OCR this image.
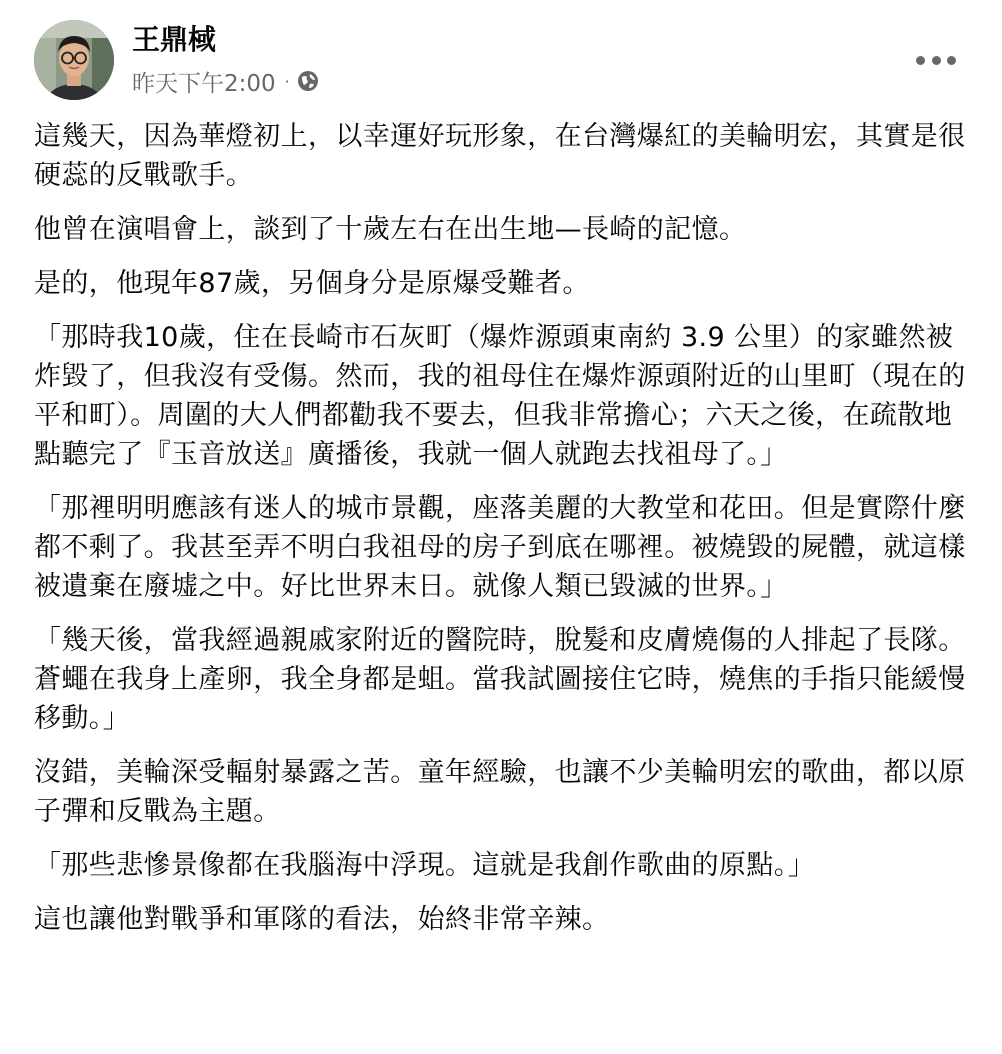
王鼎棫
昨天下午2:00 ·

這幾天，因為華燈初上，以幸運好玩形象，在台灣爆紅的美輪明宏，其實是很硬蕊的反戰歌手。

他曾在演唱會上，談到了十歲左右在出生地—長崎的記憶。

是的，他現年87歲，另個身分是原爆受難者。

「那時我10歲，住在長崎市石灰町（爆炸源頭東南約 3.9 公里）的家雖然被炸毀了，但我沒有受傷。然而，我的祖母住在爆炸源頭附近的山里町（現在的平和町）。周圍的大人們都勸我不要去，但我非常擔心；六天之後，在疏散地點聽完了『玉音放送』廣播後，我就一個人就跑去找祖母了。」

「那裡明明應該有迷人的城市景觀，座落美麗的大教堂和花田。但是實際什麼都不剩了。我甚至弄不明白我祖母的房子到底在哪裡。被燒毀的屍體，就這樣被遺棄在廢墟之中。好比世界末日。就像人類已毀滅的世界。」

「幾天後，當我經過親戚家附近的醫院時，脫髮和皮膚燒傷的人排起了長隊。蒼蠅在我身上產卵，我全身都是蛆。當我試圖接住它時，燒焦的手指只能緩慢移動。」

沒錯，美輪深受輻射暴露之苦。童年經驗，也讓不少美輪明宏的歌曲，都以原子彈和反戰為主題。

「那些悲慘景像都在我腦海中浮現。這就是我創作歌曲的原點。」

這也讓他對戰爭和軍隊的看法，始終非常辛辣。
